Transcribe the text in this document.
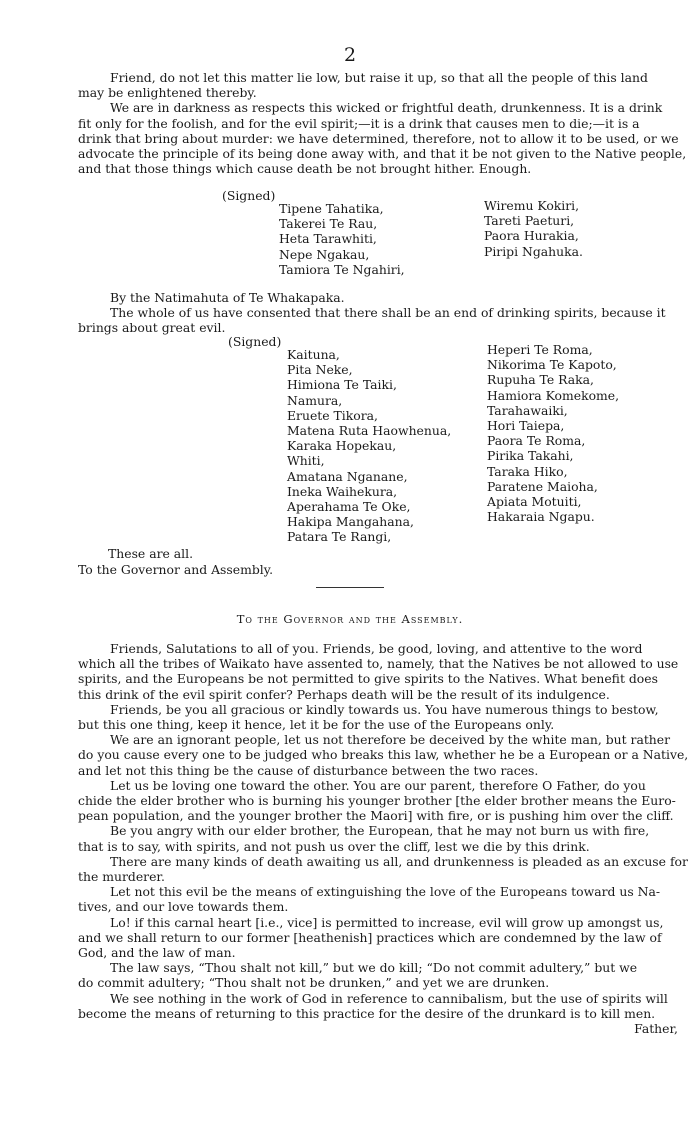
2
Friend, do not let this matter lie low, but raise it up, so that all the people of this land
may be enlightened thereby.
We are in darkness as respects this wicked or frightful death, drunkenness. It is a drink
fit only for the foolish, and for the evil spirit;—it is a drink that causes men to die;—it is a
drink that bring about murder: we have determined, therefore, not to allow it to be used, or we
advocate the principle of its being done away with, and that it be not given to the Native people,
and that those things which cause death be not brought hither. Enough.
(Signed)
Tipene Tahatika,
Takerei Te Rau,
Heta Tarawhiti,
Nepe Ngakau,
Tamiora Te Ngahiri,
Wiremu Kokiri,
Tareti Paeturi,
Paora Hurakia,
Piripi Ngahuka.
By the Natimahuta of Te Whakapaka.
The whole of us have consented that there shall be an end of drinking spirits, because it
brings about great evil.
(Signed)
Kaituna,
Pita Neke,
Himiona Te Taiki,
Namura,
Eruete Tikora,
Matena Ruta Haowhenua,
Karaka Hopekau,
Whiti,
Amatana Nganane,
Ineka Waihekura,
Aperahama Te Oke,
Hakipa Mangahana,
Patara Te Rangi,
Heperi Te Roma,
Nikorima Te Kapoto,
Rupuha Te Raka,
Hamiora Komekome,
Tarahawaiki,
Hori Taiepa,
Paora Te Roma,
Pirika Takahi,
Taraka Hiko,
Paratene Maioha,
Apiata Motuiti,
Hakaraia Ngapu.
These are all.
To the Governor and Assembly.
To the Governor and the Assembly.
Friends, Salutations to all of you. Friends, be good, loving, and attentive to the word
which all the tribes of Waikato have assented to, namely, that the Natives be not allowed to use
spirits, and the Europeans be not permitted to give spirits to the Natives. What benefit does
this drink of the evil spirit confer? Perhaps death will be the result of its indulgence.
Friends, be you all gracious or kindly towards us. You have numerous things to bestow,
but this one thing, keep it hence, let it be for the use of the Europeans only.
We are an ignorant people, let us not therefore be deceived by the white man, but rather
do you cause every one to be judged who breaks this law, whether he be a European or a Native,
and let not this thing be the cause of disturbance between the two races.
Let us be loving one toward the other. You are our parent, therefore O Father, do you
chide the elder brother who is burning his younger brother [the elder brother means the Euro-
pean population, and the younger brother the Maori] with fire, or is pushing him over the cliff.
Be you angry with our elder brother, the European, that he may not burn us with fire,
that is to say, with spirits, and not push us over the cliff, lest we die by this drink.
There are many kinds of death awaiting us all, and drunkenness is pleaded as an excuse for
the murderer.
Let not this evil be the means of extinguishing the love of the Europeans toward us Na-
tives, and our love towards them.
Lo! if this carnal heart [i.e., vice] is permitted to increase, evil will grow up amongst us,
and we shall return to our former [heathenish] practices which are condemned by the law of
God, and the law of man.
The law says, “Thou shalt not kill,” but we do kill; “Do not commit adultery,” but we
do commit adultery; “Thou shalt not be drunken,” and yet we are drunken.
We see nothing in the work of God in reference to cannibalism, but the use of spirits will
become the means of returning to this practice for the desire of the drunkard is to kill men.
Father,
